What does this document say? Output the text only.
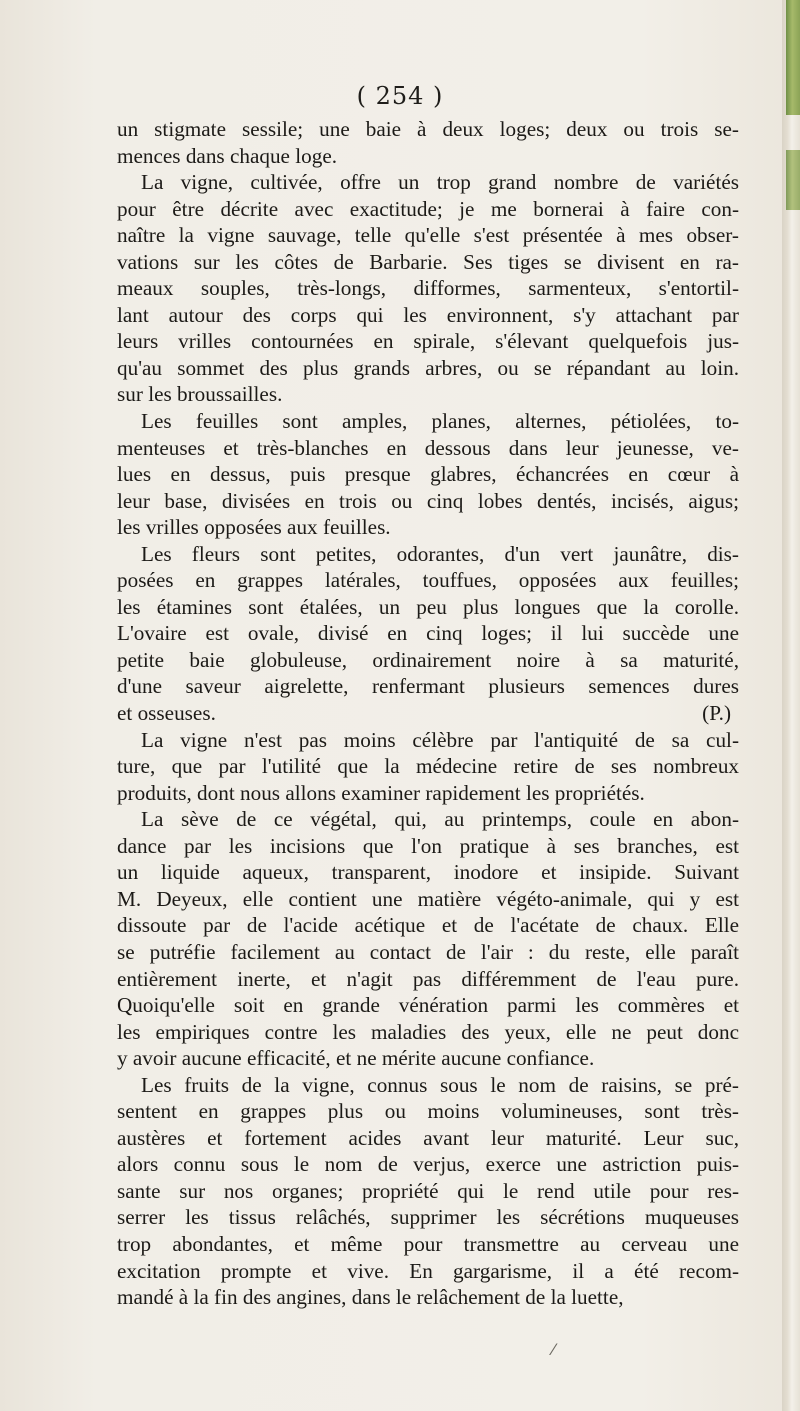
( 254 )

un stigmate sessile; une baie à deux loges; deux ou trois se-
mences dans chaque loge.

La vigne, cultivée, offre un trop grand nombre de variétés
pour être décrite avec exactitude; je me bornerai à faire con-
naître la vigne sauvage, telle qu'elle s'est présentée à mes obser-
vations sur les côtes de Barbarie. Ses tiges se divisent en ra-
meaux souples, très-longs, difformes, sarmenteux, s'entortil-
lant autour des corps qui les environnent, s'y attachant par
leurs vrilles contournées en spirale, s'élevant quelquefois jus-
qu'au sommet des plus grands arbres, ou se répandant au loin.
sur les broussailles.

Les feuilles sont amples, planes, alternes, pétiolées, to-
menteuses et très-blanches en dessous dans leur jeunesse, ve-
lues en dessus, puis presque glabres, échancrées en cœur à
leur base, divisées en trois ou cinq lobes dentés, incisés, aigus;
les vrilles opposées aux feuilles.

Les fleurs sont petites, odorantes, d'un vert jaunâtre, dis-
posées en grappes latérales, touffues, opposées aux feuilles;
les étamines sont étalées, un peu plus longues que la corolle.
L'ovaire est ovale, divisé en cinq loges; il lui succède une
petite baie globuleuse, ordinairement noire à sa maturité,
d'une saveur aigrelette, renfermant plusieurs semences dures
et osseuses.	(P.)

La vigne n'est pas moins célèbre par l'antiquité de sa cul-
ture, que par l'utilité que la médecine retire de ses nombreux
produits, dont nous allons examiner rapidement les propriétés.

La sève de ce végétal, qui, au printemps, coule en abon-
dance par les incisions que l'on pratique à ses branches, est
un liquide aqueux, transparent, inodore et insipide. Suivant
M. Deyeux, elle contient une matière végéto-animale, qui y est
dissoute par de l'acide acétique et de l'acétate de chaux. Elle
se putréfie facilement au contact de l'air : du reste, elle paraît
entièrement inerte, et n'agit pas différemment de l'eau pure.
Quoiqu'elle soit en grande vénération parmi les commères et
les empiriques contre les maladies des yeux, elle ne peut donc
y avoir aucune efficacité, et ne mérite aucune confiance.

Les fruits de la vigne, connus sous le nom de raisins, se pré-
sentent en grappes plus ou moins volumineuses, sont très-
austères et fortement acides avant leur maturité. Leur suc,
alors connu sous le nom de verjus, exerce une astriction puis-
sante sur nos organes; propriété qui le rend utile pour res-
serrer les tissus relâchés, supprimer les sécrétions muqueuses
trop abondantes, et même pour transmettre au cerveau une
excitation prompte et vive. En gargarisme, il a été recom-
mandé à la fin des angines, dans le relâchement de la luette,

⁄
